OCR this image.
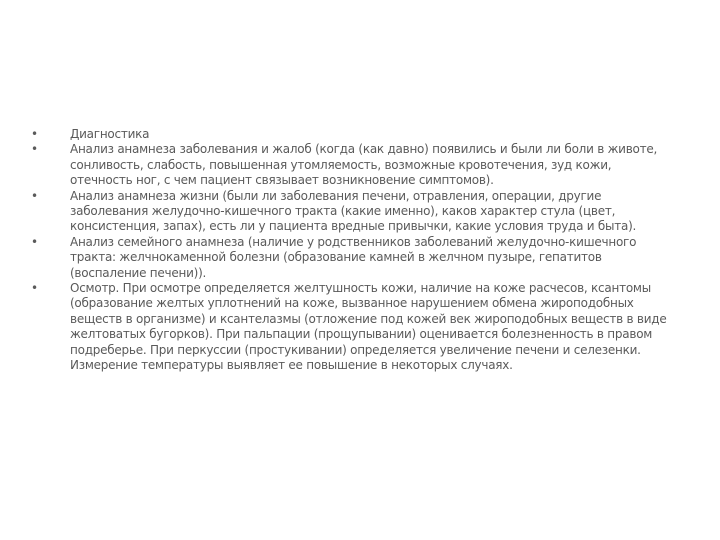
•	Диагностика
•	Анализ анамнеза заболевания и жалоб (когда (как давно) появились и были ли боли в животе, сонливость, слабость, повышенная утомляемость, возможные кровотечения, зуд кожи, отечность ног, с чем пациент связывает возникновение симптомов).
•	Анализ анамнеза жизни (были ли заболевания печени, отравления, операции, другие заболевания желудочно-кишечного тракта (какие именно), каков характер стула (цвет, консистенция, запах), есть ли у пациента вредные привычки, какие условия труда и быта).
•	Анализ семейного анамнеза (наличие у родственников заболеваний желудочно-кишечного тракта: желчнокаменной болезни (образование камней в желчном пузыре, гепатитов (воспаление печени)).
•	Осмотр. При осмотре определяется желтушность кожи, наличие на коже расчесов, ксантомы (образование желтых уплотнений на коже, вызванное нарушением обмена жироподобных веществ в организме) и ксантелазмы (отложение под кожей век жироподобных веществ в виде желтоватых бугорков). При пальпации (прощупывании) оценивается болезненность в правом подреберье. При перкуссии (простукивании) определяется увеличение печени и селезенки. Измерение температуры выявляет ее повышение в некоторых случаях.
